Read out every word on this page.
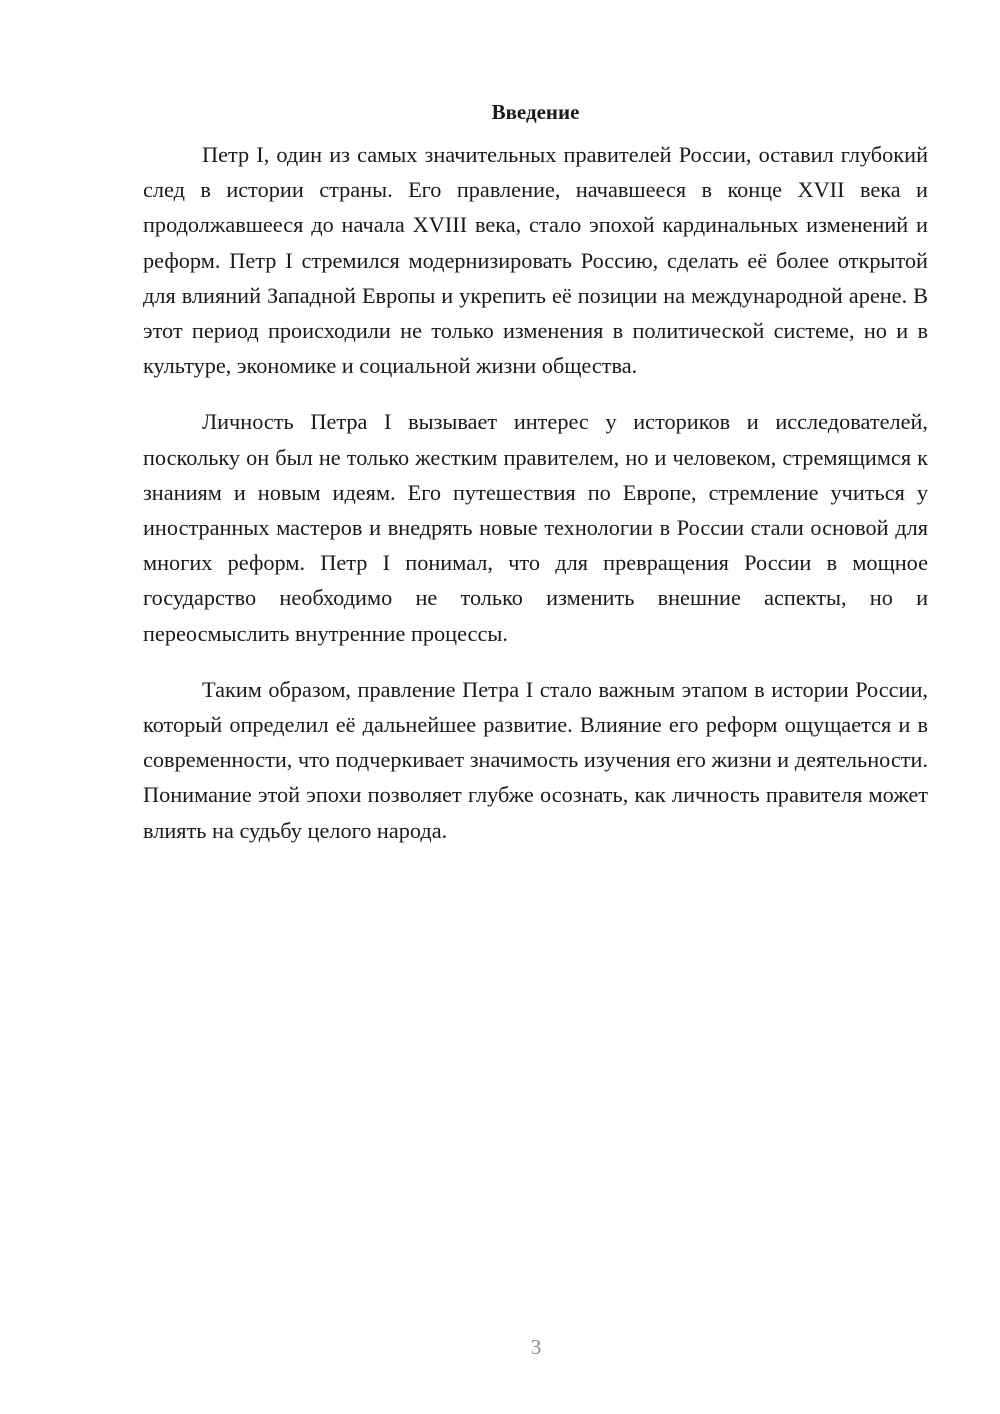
Введение

Петр I, один из самых значительных правителей России, оставил глубокий след в истории страны. Его правление, начавшееся в конце XVII века и продолжавшееся до начала XVIII века, стало эпохой кардинальных изменений и реформ. Петр I стремился модернизировать Россию, сделать её более открытой для влияний Западной Европы и укрепить её позиции на международной арене. В этот период происходили не только изменения в политической системе, но и в культуре, экономике и социальной жизни общества.

Личность Петра I вызывает интерес у историков и исследователей, поскольку он был не только жестким правителем, но и человеком, стремящимся к знаниям и новым идеям. Его путешествия по Европе, стремление учиться у иностранных мастеров и внедрять новые технологии в России стали основой для многих реформ. Петр I понимал, что для превращения России в мощное государство необходимо не только изменить внешние аспекты, но и переосмыслить внутренние процессы.

Таким образом, правление Петра I стало важным этапом в истории России, который определил её дальнейшее развитие. Влияние его реформ ощущается и в современности, что подчеркивает значимость изучения его жизни и деятельности. Понимание этой эпохи позволяет глубже осознать, как личность правителя может влиять на судьбу целого народа.

3
